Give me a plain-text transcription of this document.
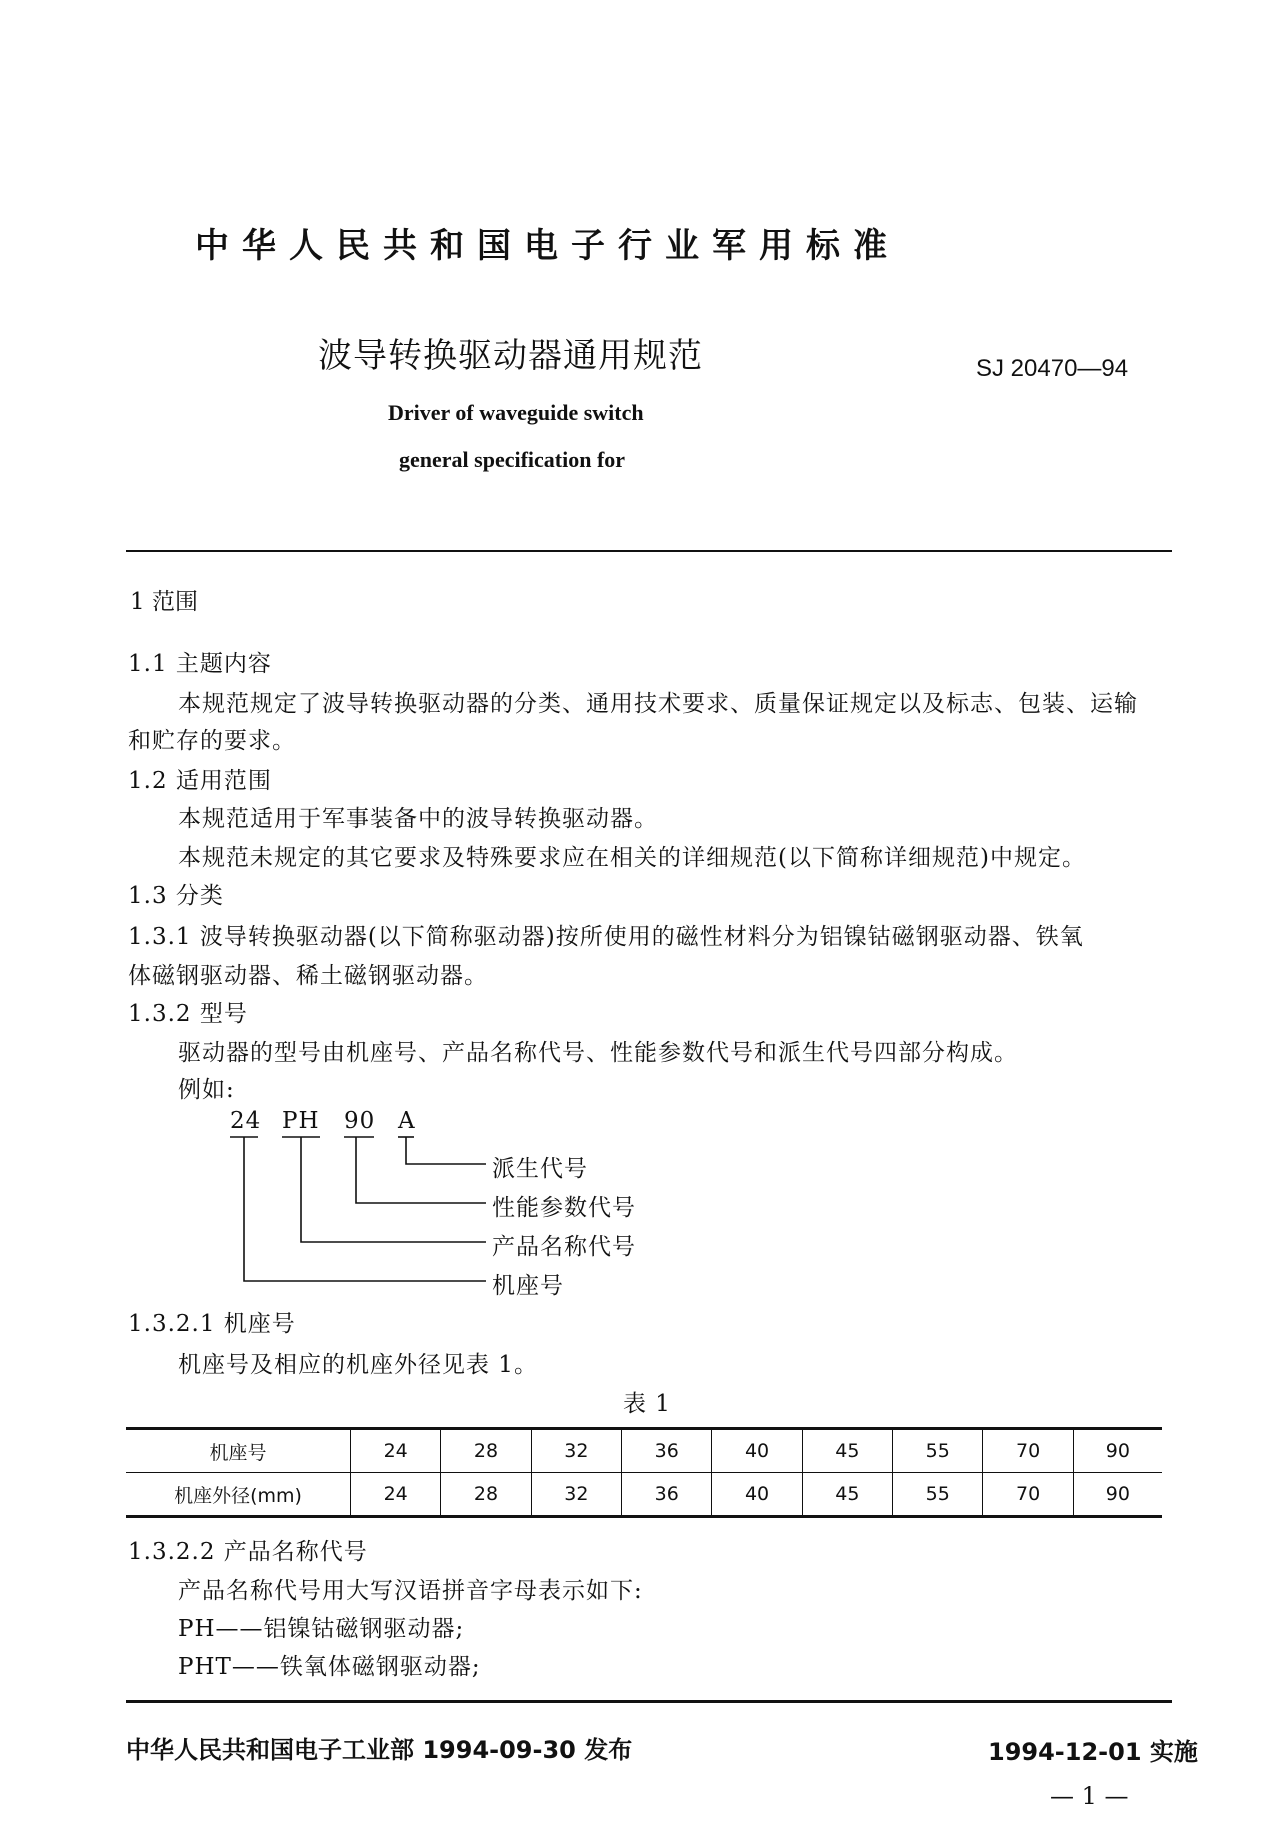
中华人民共和国电子行业军用标准
波导转换驱动器通用规范	SJ 20470—94
Driver of waveguide switch
general specification for
1 范围
1.1 主题内容
本规范规定了波导转换驱动器的分类、通用技术要求、质量保证规定以及标志、包装、运输
和贮存的要求。
1.2 适用范围
本规范适用于军事装备中的波导转换驱动器。
本规范未规定的其它要求及特殊要求应在相关的详细规范(以下简称详细规范)中规定。
1.3 分类
1.3.1 波导转换驱动器(以下简称驱动器)按所使用的磁性材料分为铝镍钴磁钢驱动器、铁氧
体磁钢驱动器、稀土磁钢驱动器。
1.3.2 型号
驱动器的型号由机座号、产品名称代号、性能参数代号和派生代号四部分构成。
例如:
24 PH 90 A
派生代号
性能参数代号
产品名称代号
机座号
1.3.2.1 机座号
机座号及相应的机座外径见表 1。
表 1
机座号	24	28	32	36	40	45	55	70	90
机座外径(mm)	24	28	32	36	40	45	55	70	90
1.3.2.2 产品名称代号
产品名称代号用大写汉语拼音字母表示如下:
PH——铝镍钴磁钢驱动器;
PHT——铁氧体磁钢驱动器;
中华人民共和国电子工业部 1994-09-30 发布	1994-12-01 实施
— 1 —
